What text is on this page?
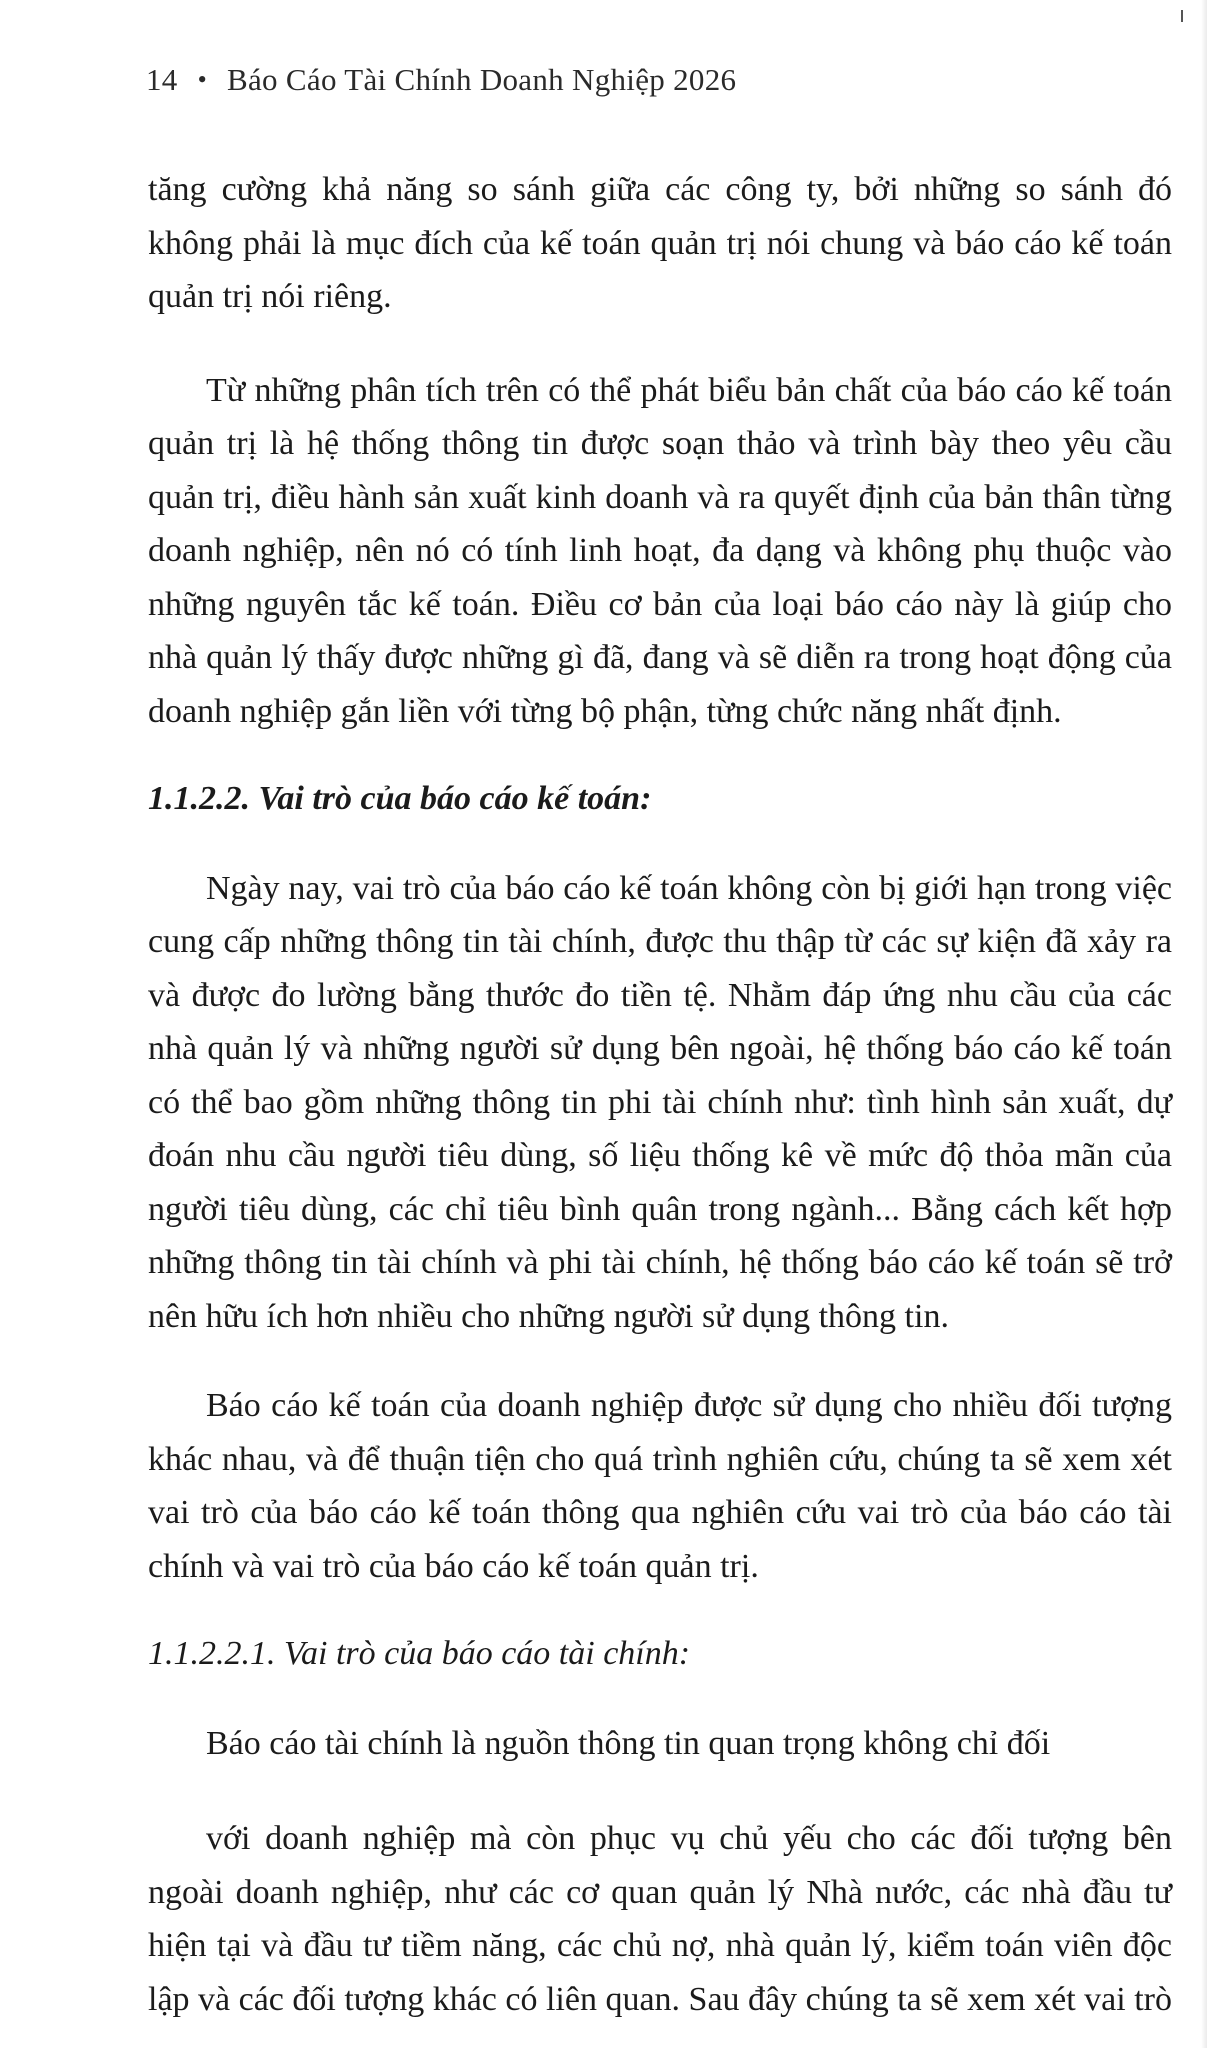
14 • Báo Cáo Tài Chính Doanh Nghiệp 2026

tăng cường khả năng so sánh giữa các công ty, bởi những so sánh đó không phải là mục đích của kế toán quản trị nói chung và báo cáo kế toán quản trị nói riêng.

Từ những phân tích trên có thể phát biểu bản chất của báo cáo kế toán quản trị là hệ thống thông tin được soạn thảo và trình bày theo yêu cầu quản trị, điều hành sản xuất kinh doanh và ra quyết định của bản thân từng doanh nghiệp, nên nó có tính linh hoạt, đa dạng và không phụ thuộc vào những nguyên tắc kế toán. Điều cơ bản của loại báo cáo này là giúp cho nhà quản lý thấy được những gì đã, đang và sẽ diễn ra trong hoạt động của doanh nghiệp gắn liền với từng bộ phận, từng chức năng nhất định.

1.1.2.2. Vai trò của báo cáo kế toán:

Ngày nay, vai trò của báo cáo kế toán không còn bị giới hạn trong việc cung cấp những thông tin tài chính, được thu thập từ các sự kiện đã xảy ra và được đo lường bằng thước đo tiền tệ. Nhằm đáp ứng nhu cầu của các nhà quản lý và những người sử dụng bên ngoài, hệ thống báo cáo kế toán có thể bao gồm những thông tin phi tài chính như: tình hình sản xuất, dự đoán nhu cầu người tiêu dùng, số liệu thống kê về mức độ thỏa mãn của người tiêu dùng, các chỉ tiêu bình quân trong ngành... Bằng cách kết hợp những thông tin tài chính và phi tài chính, hệ thống báo cáo kế toán sẽ trở nên hữu ích hơn nhiều cho những người sử dụng thông tin.

Báo cáo kế toán của doanh nghiệp được sử dụng cho nhiều đối tượng khác nhau, và để thuận tiện cho quá trình nghiên cứu, chúng ta sẽ xem xét vai trò của báo cáo kế toán thông qua nghiên cứu vai trò của báo cáo tài chính và vai trò của báo cáo kế toán quản trị.

1.1.2.2.1. Vai trò của báo cáo tài chính:

Báo cáo tài chính là nguồn thông tin quan trọng không chỉ đối

với doanh nghiệp mà còn phục vụ chủ yếu cho các đối tượng bên ngoài doanh nghiệp, như các cơ quan quản lý Nhà nước, các nhà đầu tư hiện tại và đầu tư tiềm năng, các chủ nợ, nhà quản lý, kiểm toán viên độc lập và các đối tượng khác có liên quan. Sau đây chúng ta sẽ xem xét vai trò
